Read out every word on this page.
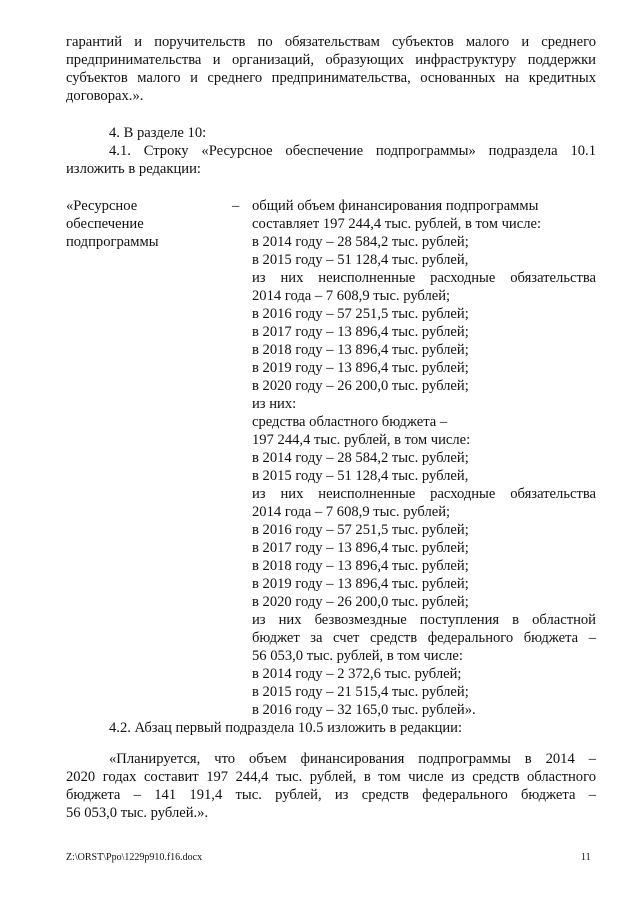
гарантий и поручительств по обязательствам субъектов малого и среднего
предпринимательства и организаций, образующих инфраструктуру поддержки
субъектов малого и среднего предпринимательства, основанных на кредитных
договорах.».
4. В разделе 10:
4.1. Строку «Ресурсное обеспечение подпрограммы» подраздела 10.1
изложить в редакции:
«Ресурсное
обеспечение
подпрограммы
– общий объем финансирования подпрограммы
составляет 197 244,4 тыс. рублей, в том числе:
в 2014 году – 28 584,2 тыс. рублей;
в 2015 году – 51 128,4 тыс. рублей,
из них неисполненные расходные обязательства
2014 года – 7 608,9 тыс. рублей;
в 2016 году – 57 251,5 тыс. рублей;
в 2017 году – 13 896,4 тыс. рублей;
в 2018 году – 13 896,4 тыс. рублей;
в 2019 году – 13 896,4 тыс. рублей;
в 2020 году – 26 200,0 тыс. рублей;
из них:
средства областного бюджета –
197 244,4 тыс. рублей, в том числе:
в 2014 году – 28 584,2 тыс. рублей;
в 2015 году – 51 128,4 тыс. рублей,
из них неисполненные расходные обязательства
2014 года – 7 608,9 тыс. рублей;
в 2016 году – 57 251,5 тыс. рублей;
в 2017 году – 13 896,4 тыс. рублей;
в 2018 году – 13 896,4 тыс. рублей;
в 2019 году – 13 896,4 тыс. рублей;
в 2020 году – 26 200,0 тыс. рублей;
из них безвозмездные поступления в областной
бюджет за счет средств федерального бюджета –
56 053,0 тыс. рублей, в том числе:
в 2014 году – 2 372,6 тыс. рублей;
в 2015 году – 21 515,4 тыс. рублей;
в 2016 году – 32 165,0 тыс. рублей».
4.2. Абзац первый подраздела 10.5 изложить в редакции:
«Планируется, что объем финансирования подпрограммы в 2014 –
2020 годах составит 197 244,4 тыс. рублей, в том числе из средств областного
бюджета – 141 191,4 тыс. рублей, из средств федерального бюджета –
56 053,0 тыс. рублей.».
Z:\ORST\Ppo\1229p910.f16.docx	11
